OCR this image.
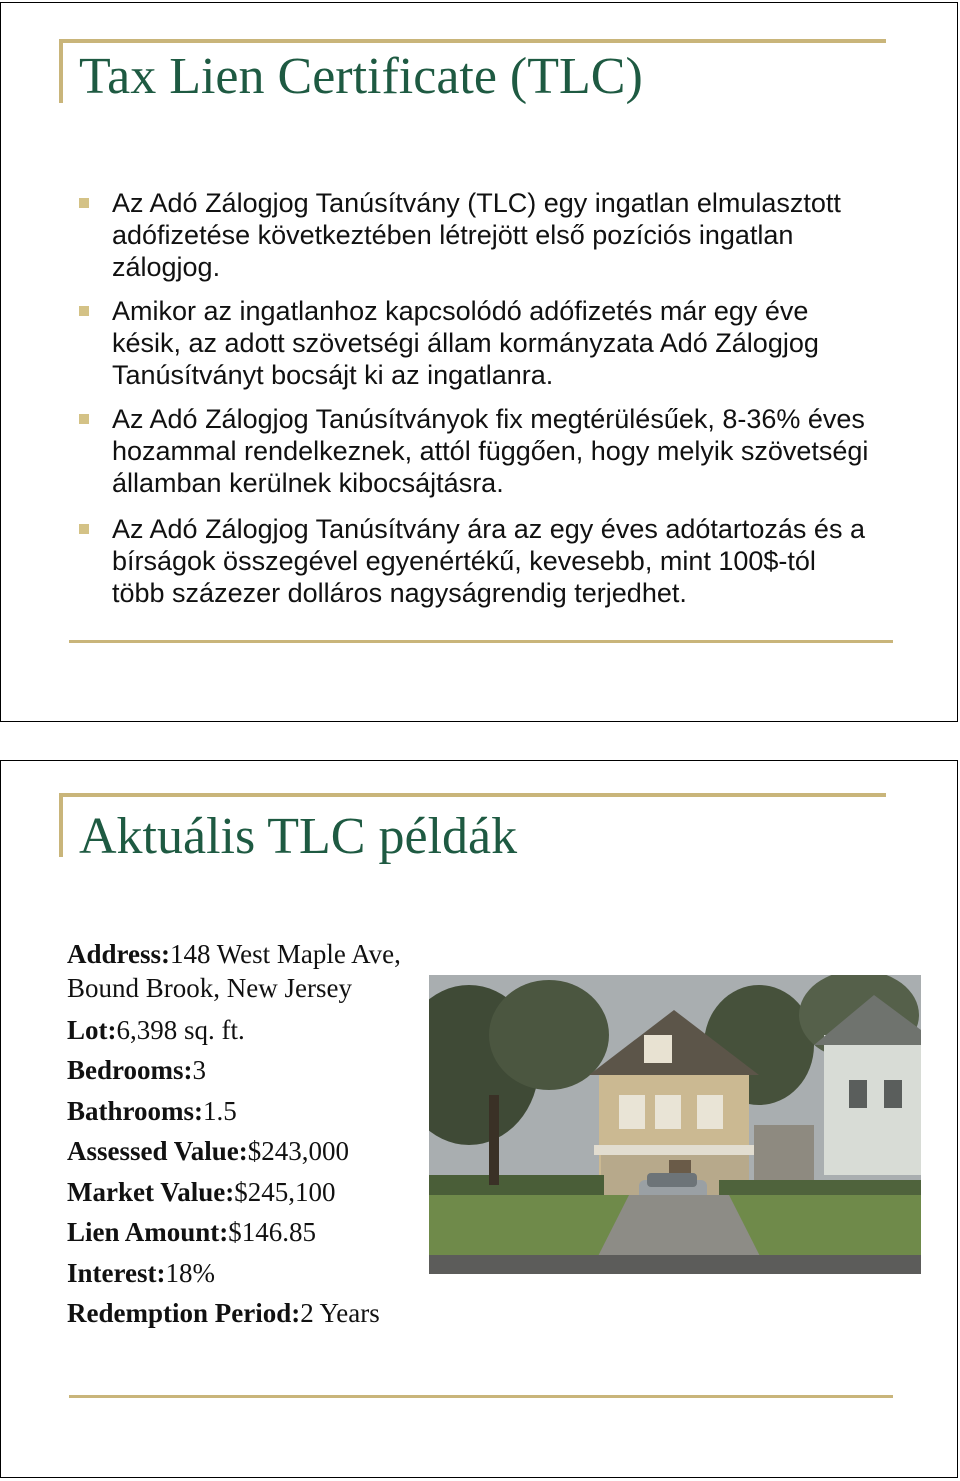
Tax Lien Certificate (TLC)
Az Adó Zálogjog Tanúsítvány (TLC) egy ingatlan elmulasztott adófizetése következtében létrejött első pozíciós ingatlan zálogjog.
Amikor az ingatlanhoz kapcsolódó adófizetés már egy éve késik, az adott szövetségi állam kormányzata Adó Zálogjog Tanúsítványt bocsájt ki az ingatlanra.
Az Adó Zálogjog Tanúsítványok fix megtérülésűek, 8-36% éves hozammal rendelkeznek, attól függően, hogy melyik szövetségi államban kerülnek kibocsájtásra.
Az Adó Zálogjog Tanúsítvány ára az egy éves adótartozás és a bírságok összegével egyenértékű, kevesebb, mint 100$-tól több százezer dolláros nagyságrendig terjedhet.
Aktuális TLC példák
Address:148 West Maple Ave,
Bound Brook, New Jersey
Lot:6,398 sq. ft.
Bedrooms:3
Bathrooms:1.5
Assessed Value:$243,000
Market Value:$245,100
Lien Amount:$146.85
Interest:18%
Redemption Period:2 Years
